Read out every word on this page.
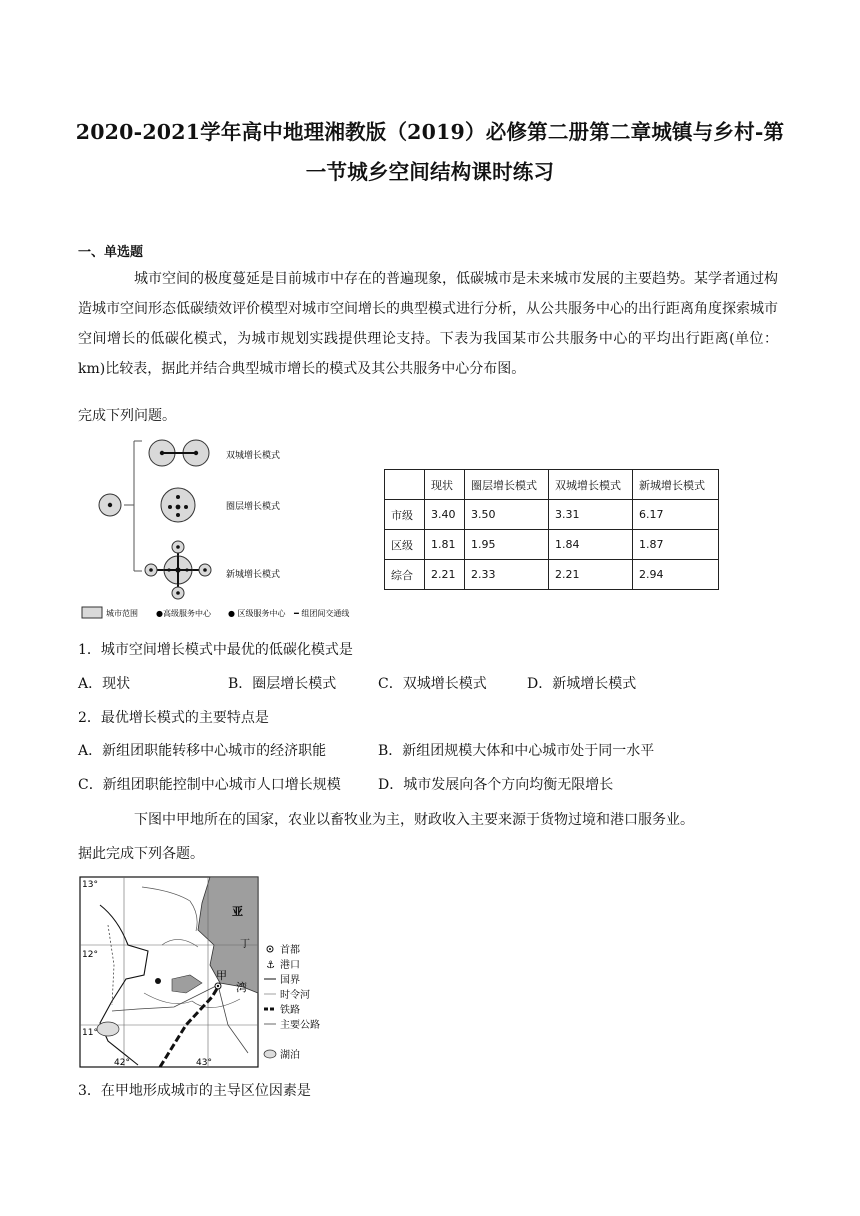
2020-2021学年高中地理湘教版（2019）必修第二册第二章城镇与乡村-第
一节城乡空间结构课时练习
一、单选题
城市空间的极度蔓延是目前城市中存在的普遍现象，低碳城市是未来城市发展的主要趋势。某学者通过构造城市空间形态低碳绩效评价模型对城市空间增长的典型模式进行分析，从公共服务中心的出行距离角度探索城市空间增长的低碳化模式，为城市规划实践提供理论支持。下表为我国某市公共服务中心的平均出行距离(单位：km)比较表，据此并结合典型城市增长的模式及其公共服务中心分布图。
完成下列问题。
双城增长模式
圈层增长模式
新城增长模式
城市范围 ●高级服务中心 ● 区级服务中心 ━ 组团间交通线
	现状	圈层增长模式	双城增长模式	新城增长模式
市级	3.40	3.50	3.31	6.17
区级	1.81	1.95	1.84	1.87
综合	2.21	2.33	2.21	2.94
1．城市空间增长模式中最优的低碳化模式是
A．现状	B．圈层增长模式	C．双城增长模式	D．新城增长模式
2．最优增长模式的主要特点是
A．新组团职能转移中心城市的经济职能	B．新组团规模大体和中心城市处于同一水平
C．新组团职能控制中心城市人口增长规模	D．城市发展向各个方向均衡无限增长
下图中甲地所在的国家，农业以畜牧业为主，财政收入主要来源于货物过境和港口服务业。
据此完成下列各题。
13°
12°
11°
42°	43°
亚
丁
甲
湾
首都
⚓ 港口
国界
时令河
铁路
主要公路
湖泊
3．在甲地形成城市的主导区位因素是
